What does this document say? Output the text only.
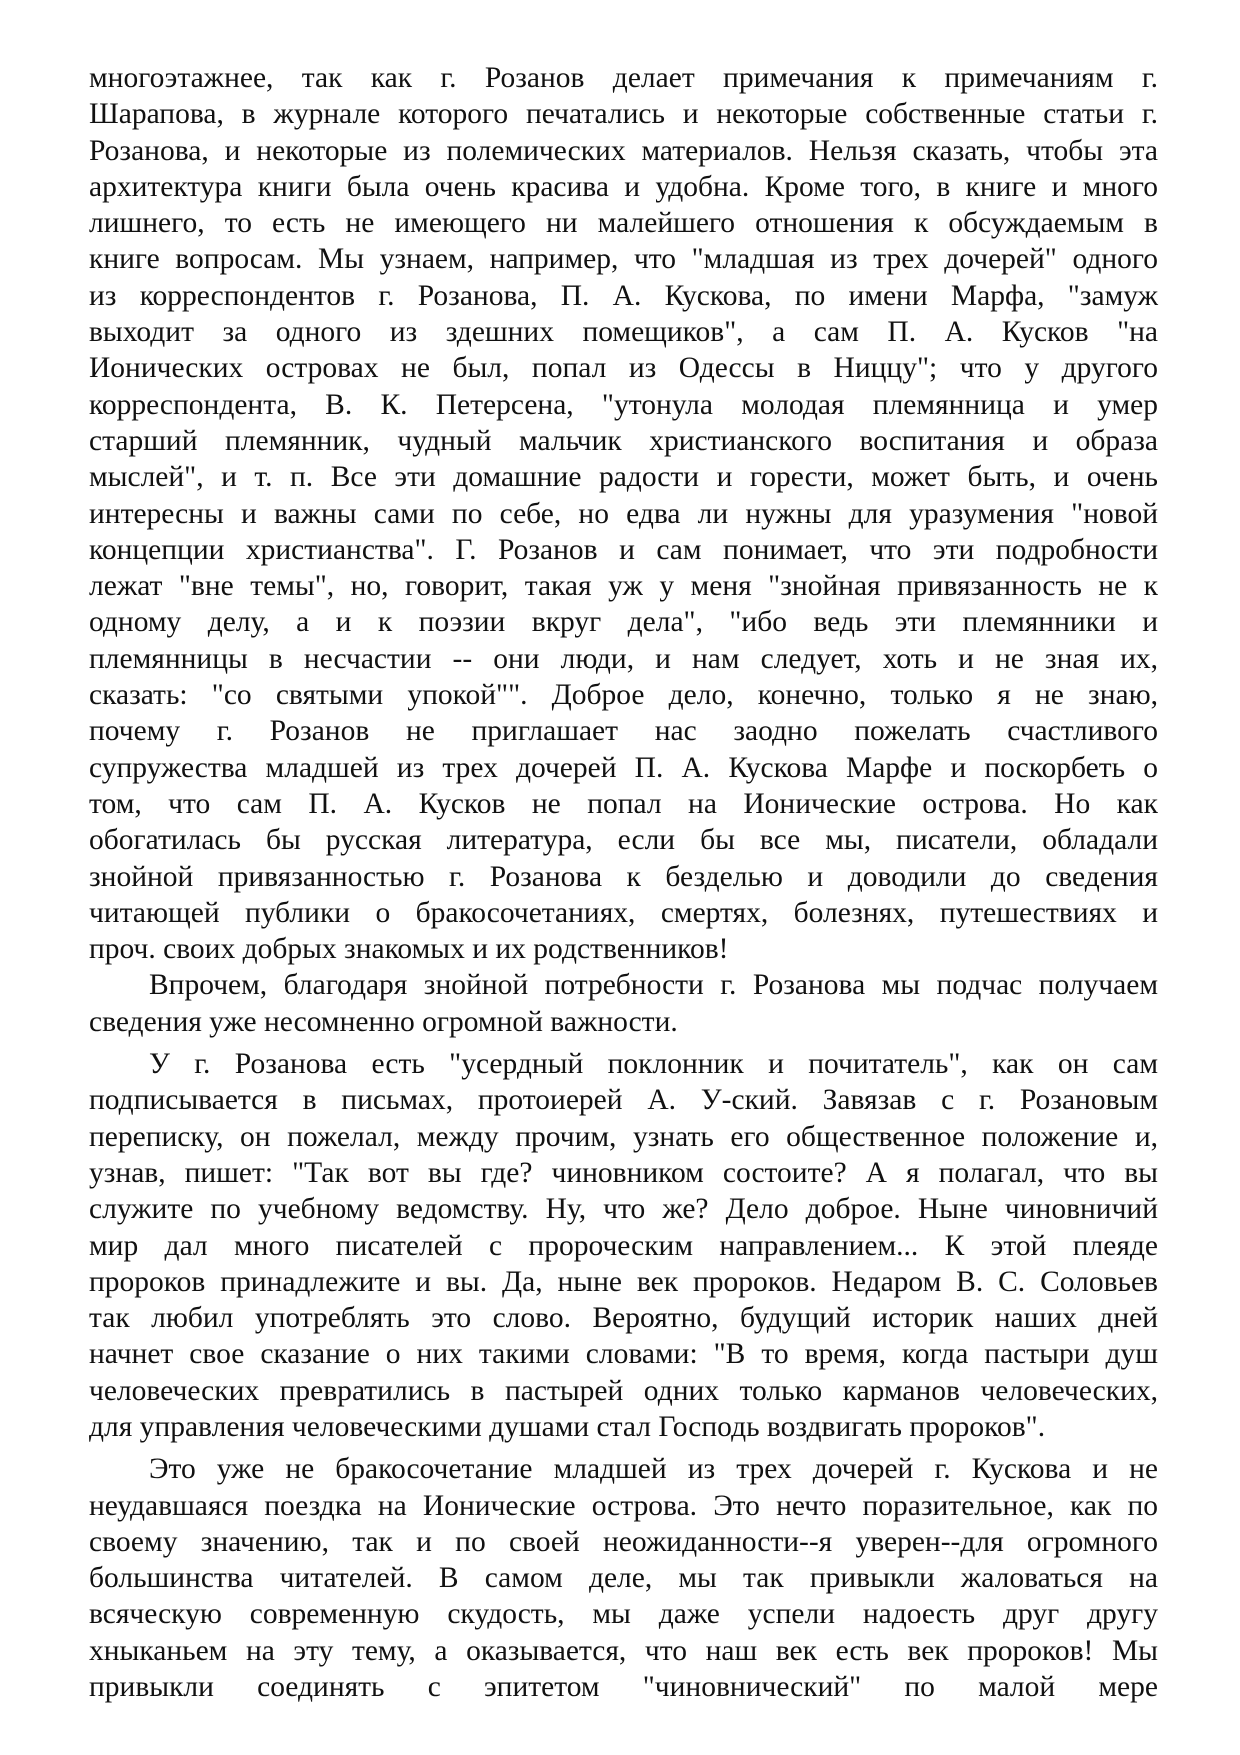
многоэтажнее, так как г. Розанов делает примечания к примечаниям г.
Шарапова, в журнале которого печатались и некоторые собственные статьи г.
Розанова, и некоторые из полемических материалов. Нельзя сказать, чтобы эта
архитектура книги была очень красива и удобна. Кроме того, в книге и много
лишнего, то есть не имеющего ни малейшего отношения к обсуждаемым в
книге вопросам. Мы узнаем, например, что "младшая из трех дочерей" одного
из корреспондентов г. Розанова, П. А. Кускова, по имени Марфа, "замуж
выходит за одного из здешних помещиков", а сам П. А. Кусков "на
Ионических островах не был, попал из Одессы в Ниццу"; что у другого
корреспондента, В. К. Петерсена, "утонула молодая племянница и умер
старший племянник, чудный мальчик христианского воспитания и образа
мыслей", и т. п. Все эти домашние радости и горести, может быть, и очень
интересны и важны сами по себе, но едва ли нужны для уразумения "новой
концепции христианства". Г. Розанов и сам понимает, что эти подробности
лежат "вне темы", но, говорит, такая уж у меня "знойная привязанность не к
одному делу, а и к поэзии вкруг дела", "ибо ведь эти племянники и
племянницы в несчастии -- они люди, и нам следует, хоть и не зная их,
сказать: "со святыми упокой"". Доброе дело, конечно, только я не знаю,
почему г. Розанов не приглашает нас заодно пожелать счастливого
супружества младшей из трех дочерей П. А. Кускова Марфе и поскорбеть о
том, что сам П. А. Кусков не попал на Ионические острова. Но как
обогатилась бы русская литература, если бы все мы, писатели, обладали
знойной привязанностью г. Розанова к безделью и доводили до сведения
читающей публики о бракосочетаниях, смертях, болезнях, путешествиях и
проч. своих добрых знакомых и их родственников!
Впрочем, благодаря знойной потребности г. Розанова мы подчас получаем
сведения уже несомненно огромной важности.
У г. Розанова есть "усердный поклонник и почитатель", как он сам
подписывается в письмах, протоиерей А. У-ский. Завязав с г. Розановым
переписку, он пожелал, между прочим, узнать его общественное положение и,
узнав, пишет: "Так вот вы где? чиновником состоите? А я полагал, что вы
служите по учебному ведомству. Ну, что же? Дело доброе. Ныне чиновничий
мир дал много писателей с пророческим направлением... К этой плеяде
пророков принадлежите и вы. Да, ныне век пророков. Недаром В. С. Соловьев
так любил употреблять это слово. Вероятно, будущий историк наших дней
начнет свое сказание о них такими словами: "В то время, когда пастыри душ
человеческих превратились в пастырей одних только карманов человеческих,
для управления человеческими душами стал Господь воздвигать пророков".
Это уже не бракосочетание младшей из трех дочерей г. Кускова и не
неудавшаяся поездка на Ионические острова. Это нечто поразительное, как по
своему значению, так и по своей неожиданности--я уверен--для огромного
большинства читателей. В самом деле, мы так привыкли жаловаться на
всяческую современную скудость, мы даже успели надоесть друг другу
хныканьем на эту тему, а оказывается, что наш век есть век пророков! Мы
привыкли соединять с эпитетом "чиновнический" по малой мере
